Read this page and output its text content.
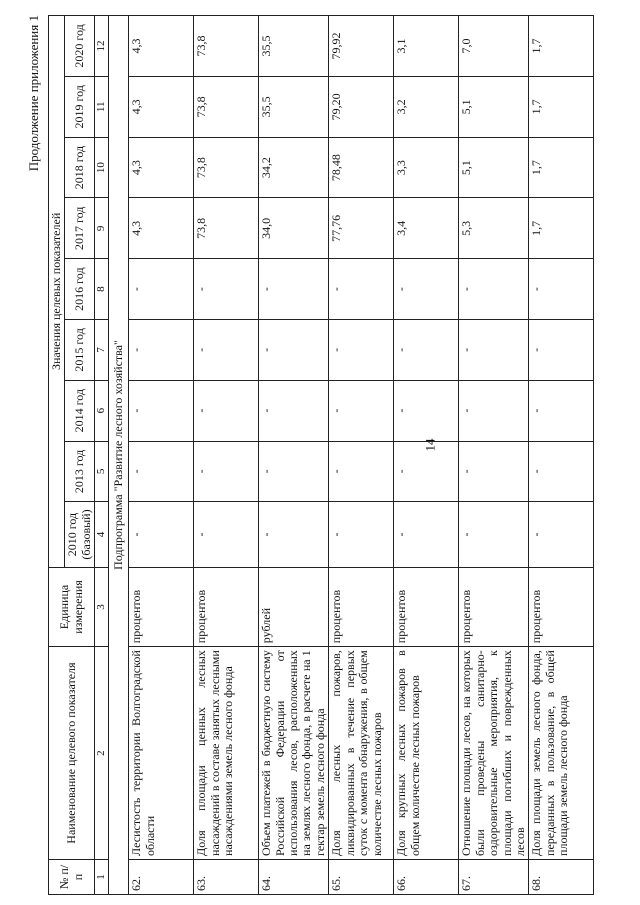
14
Продолжение приложения 1
№ п/п	Наименование целевого показателя	Единица измерения	Значения целевых показателей								
			2010 год (базовый)	2013 год	2014 год	2015 год	2016 год	2017 год	2018 год	2019 год	2020 год
1	2	3	4	5	6	7	8	9	10	11	12
Подпрограмма "Развитие лесного хозяйства"											
62.	Лесистость территории Волгоградской области	процентов	-	-	-	-	-	4,3	4,3	4,3	4,3
63.	Доля площади ценных лесных насаждений в составе занятых лесными насаждениями земель лесного фонда	процентов	-	-	-	-	-	73,8	73,8	73,8	73,8
64.	Объем платежей в бюджетную систему Российской Федерации от использования лесов, расположенных на землях лесного фонда, в расчете на 1 гектар земель лесного фонда	рублей	-	-	-	-	-	34,0	34,2	35,5	35,5
65.	Доля лесных пожаров, ликвидированных в течение первых суток с момента обнаружения, в общем количестве лесных пожаров	процентов	-	-	-	-	-	77,76	78,48	79,20	79,92
66.	Доля крупных лесных пожаров в общем количестве лесных пожаров	процентов	-	-	-	-	-	3,4	3,3	3,2	3,1
67.	Отношение площади лесов, на которых были проведены санитарно-оздоровительные мероприятия, к площади погибших и поврежденных лесов	процентов	-	-	-	-	-	5,3	5,1	5,1	7,0
68.	Доля площади земель лесного фонда, переданных в пользование, в общей площади земель лесного фонда	процентов	-	-	-	-	-	1,7	1,7	1,7	1,7
